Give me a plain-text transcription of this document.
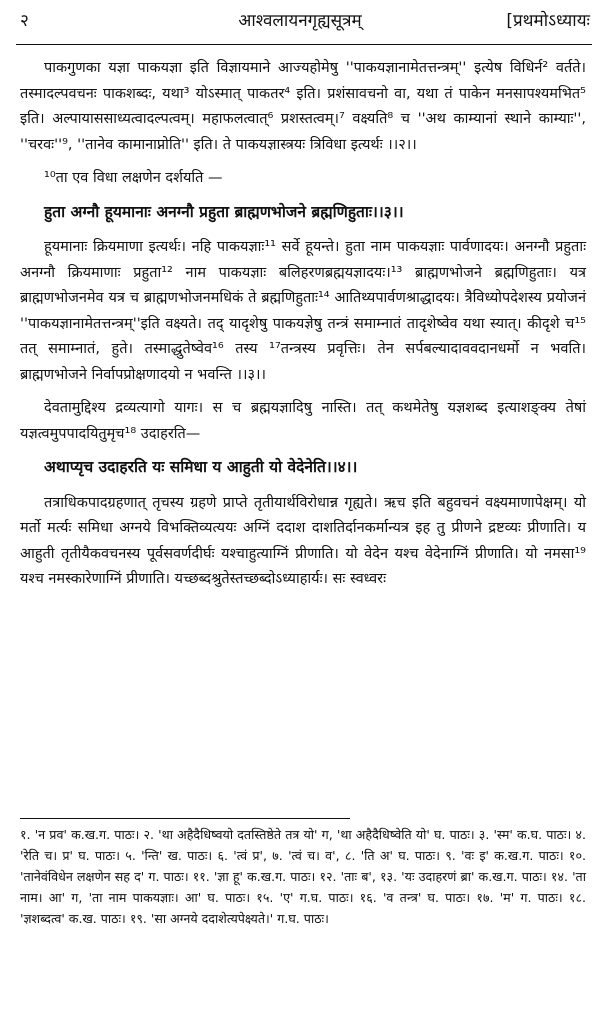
२	आश्वलायनगृह्यसूत्रम्	[प्रथमोऽध्यायः

पाकगुणका यज्ञा पाकयज्ञा इति विज्ञायमाने आज्यहोमेषु ''पाकयज्ञानामेतत्तन्त्रम्'' इत्येष विधिर्न² वर्तते। तस्मादल्पवचनः पाकशब्दः, यथा³ योऽस्मात् पाकतर⁴ इति। प्रशंसावचनो वा, यथा तं पाकेन मनसापश्यमभित⁵ इति। अल्पायाससाध्यत्वादल्पत्वम्। महाफलत्वात्⁶ प्रशस्तत्वम्।⁷ वक्ष्यति⁸ च ''अथ काम्यानां स्थाने काम्याः'', ''चरवः''⁹, ''तानेव कामानाप्नोति'' इति। ते पाकयज्ञास्त्रयः त्रिविधा इत्यर्थः ।।२।।

¹⁰ता एव विधा लक्षणेन दर्शयति —

हुता अग्नौ हूयमानाः अनग्नौ प्रहुता ब्राह्मणभोजने ब्रह्मणिहुताः।।३।।

हूयमानाः क्रियमाणा इत्यर्थः। नहि पाकयज्ञाः¹¹ सर्वे हूयन्ते। हुता नाम पाकयज्ञाः पार्वणादयः। अनग्नौ प्रहुताः अनग्नौ क्रियमाणाः प्रहुता¹² नाम पाकयज्ञाः बलिहरणब्रह्मयज्ञादयः।¹³ ब्राह्मणभोजने ब्रह्मणिहुताः। यत्र ब्राह्मणभोजनमेव यत्र च ब्राह्मणभोजनमधिकं ते ब्रह्मणिहुताः¹⁴ आतिथ्यपार्वणश्राद्धादयः। त्रैविध्योपदेशस्य प्रयोजनं ''पाकयज्ञानामेतत्तन्त्रम्''इति वक्ष्यते। तद् यादृशेषु पाकयज्ञेषु तन्त्रं समाम्नातं तादृशेष्वेव यथा स्यात्। कीदृशे च¹⁵ तत् समाम्नातं, हुते। तस्माद्धुतेष्वेव¹⁶ तस्य ¹⁷तन्त्रस्य प्रवृत्तिः। तेन सर्पबल्यादाववदानधर्मो न भवति। ब्राह्मणभोजने निर्वापप्रोक्षणादयो न भवन्ति ।।३।।

देवतामुद्दिश्य द्रव्यत्यागो यागः। स च ब्रह्मयज्ञादिषु नास्ति। तत् कथमेतेषु यज्ञशब्द इत्याशङ्क्य तेषां यज्ञत्वमुपपादयितुमृच¹⁸ उदाहरति—

अथाप्यृच उदाहरति यः समिधा य आहुती यो वेदेनेति।।४।।

तत्राधिकपादग्रहणात् तृचस्य ग्रहणे प्राप्ते तृतीयार्थविरोधान्न गृह्यते। ऋच इति बहुवचनं वक्ष्यमाणापेक्षम्। यो मर्तो मर्त्यः समिधा अग्नये विभक्तिव्यत्ययः अग्निं ददाश दाशतिर्दानकर्मान्यत्र इह तु प्रीणने द्रष्टव्यः प्रीणाति। य आहुती तृतीयैकवचनस्य पूर्वसवर्णदीर्घः यश्चाहुत्याग्निं प्रीणाति। यो वेदेन यश्च वेदेनाग्निं प्रीणाति। यो नमसा¹⁹ यश्च नमस्कारेणाग्निं प्रीणाति। यच्छब्दश्रुतेस्तच्छब्दोऽध्याहार्यः। सः स्वध्वरः

१. 'न प्रव' क.ख.ग. पाठः। २. 'था अहैदैधिष्वयो दतस्तिष्ठेते तत्र यो' ग, 'था अहैदैधिष्वेति यो' घ. पाठः। ३. 'स्म' क.घ. पाठः। ४. 'रेति च। प्र' घ. पाठः। ५. 'न्ति' ख. पाठः। ६. 'त्वं प्र', ७. 'त्वं च। व', ८. 'ति अ' घ. पाठः। ९. 'वः इ' क.ख.ग. पाठः। १०. 'तानेवंविधेन लक्षणेन सह द' ग. पाठः। ११. 'ज्ञा हू' क.ख.ग. पाठः। १२. 'ताः ब', १३. 'यः उदाहरणं ब्रा' क.ख.ग. पाठः। १४. 'ता नाम। आ' ग, 'ता नाम पाकयज्ञाः। आ' घ. पाठः। १५. 'ए' ग.घ. पाठः। १६. 'व तन्त्र' घ. पाठः। १७. 'म' ग. पाठः। १८. 'ज्ञशब्दत्व' क.ख. पाठः। १९. 'सा अग्नये ददाशेत्यपेक्ष्यते।' ग.घ. पाठः।
